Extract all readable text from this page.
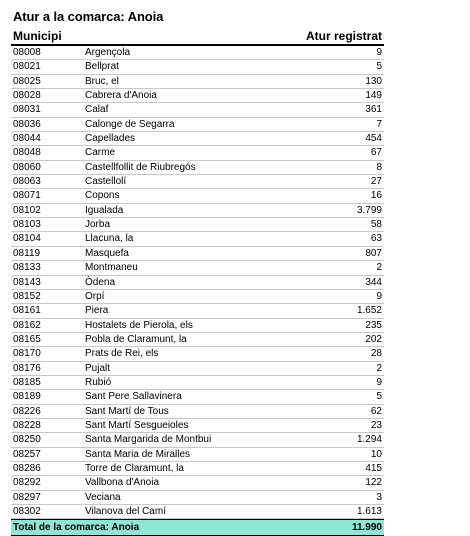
Atur a la comarca: Anoia
Municipi	Atur registrat
08008	Argençola	9
08021	Bellprat	5
08025	Bruc, el	130
08028	Cabrera d'Anoia	149
08031	Calaf	361
08036	Calonge de Segarra	7
08044	Capellades	454
08048	Carme	67
08060	Castellfollit de Riubregós	8
08063	Castellolí	27
08071	Copons	16
08102	Igualada	3.799
08103	Jorba	58
08104	Llacuna, la	63
08119	Masquefa	807
08133	Montmaneu	2
08143	Òdena	344
08152	Orpí	9
08161	Piera	1.652
08162	Hostalets de Pierola, els	235
08165	Pobla de Claramunt, la	202
08170	Prats de Rei, els	28
08176	Pujalt	2
08185	Rubió	9
08189	Sant Pere Sallavinera	5
08226	Sant Martí de Tous	62
08228	Sant Martí Sesgueioles	23
08250	Santa Margarida de Montbui	1.294
08257	Santa Maria de Miralles	10
08286	Torre de Claramunt, la	415
08292	Vallbona d'Anoia	122
08297	Veciana	3
08302	Vilanova del Camí	1.613
Total de la comarca: Anoia	11.990
